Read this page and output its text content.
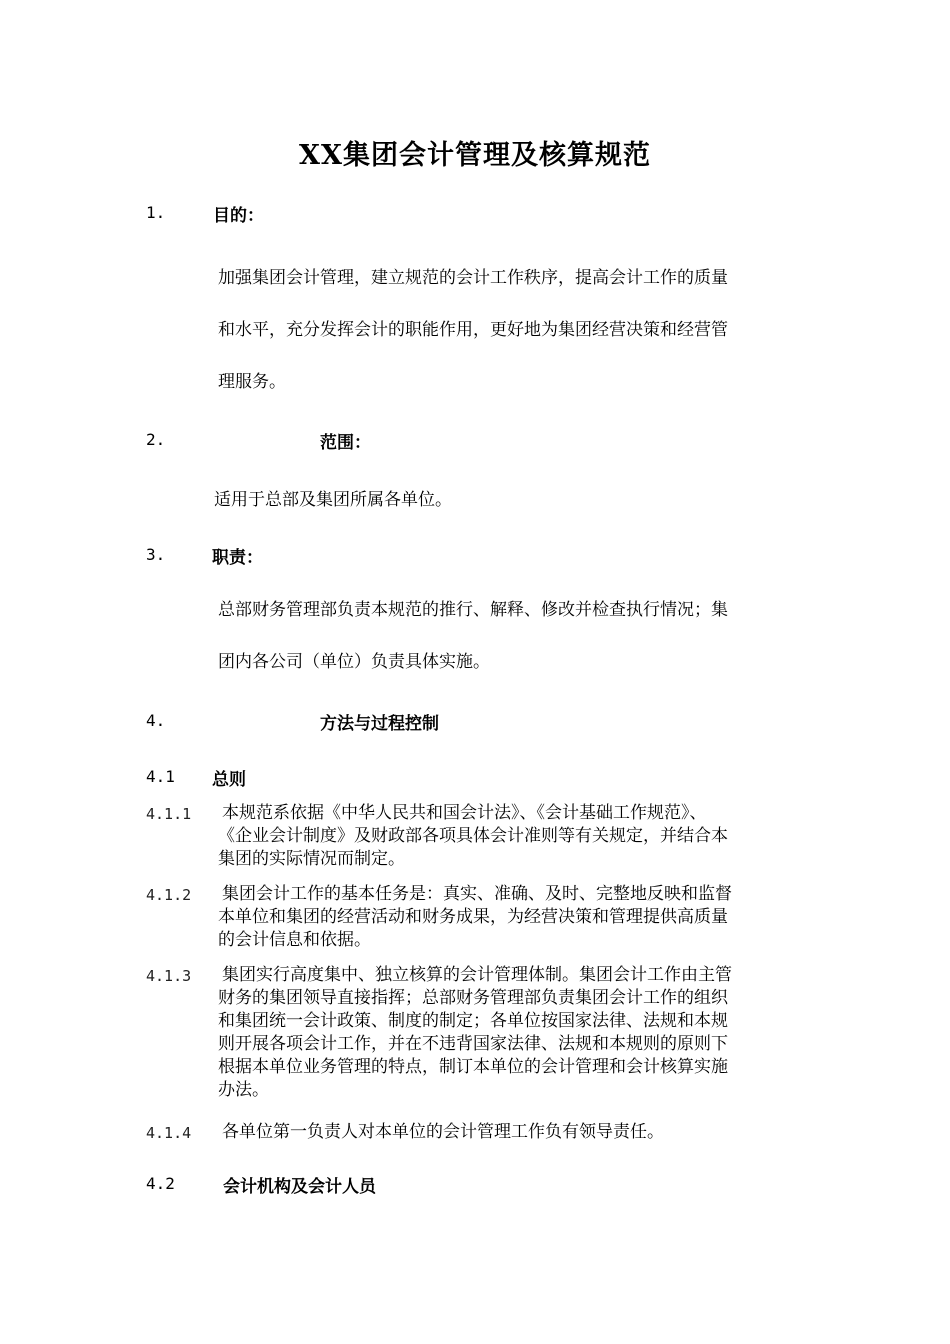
XX集团会计管理及核算规范
1.	目的：
加强集团会计管理，建立规范的会计工作秩序，提高会计工作的质量
和水平，充分发挥会计的职能作用，更好地为集团经营决策和经营管
理服务。
2.	范围：
适用于总部及集团所属各单位。
3.	职责：
总部财务管理部负责本规范的推行、解释、修改并检查执行情况；集
团内各公司（单位）负责具体实施。
4.	方法与过程控制
4.1 总则
4.1.1 本规范系依据《中华人民共和国会计法》、《会计基础工作规范》、
《企业会计制度》及财政部各项具体会计准则等有关规定，并结合本
集团的实际情况而制定。
4.1.2 集团会计工作的基本任务是：真实、准确、及时、完整地反映和监督
本单位和集团的经营活动和财务成果，为经营决策和管理提供高质量
的会计信息和依据。
4.1.3 集团实行高度集中、独立核算的会计管理体制。集团会计工作由主管
财务的集团领导直接指挥；总部财务管理部负责集团会计工作的组织
和集团统一会计政策、制度的制定；各单位按国家法律、法规和本规
则开展各项会计工作，并在不违背国家法律、法规和本规则的原则下
根据本单位业务管理的特点，制订本单位的会计管理和会计核算实施
办法。
4.1.4 各单位第一负责人对本单位的会计管理工作负有领导责任。
4.2	会计机构及会计人员
